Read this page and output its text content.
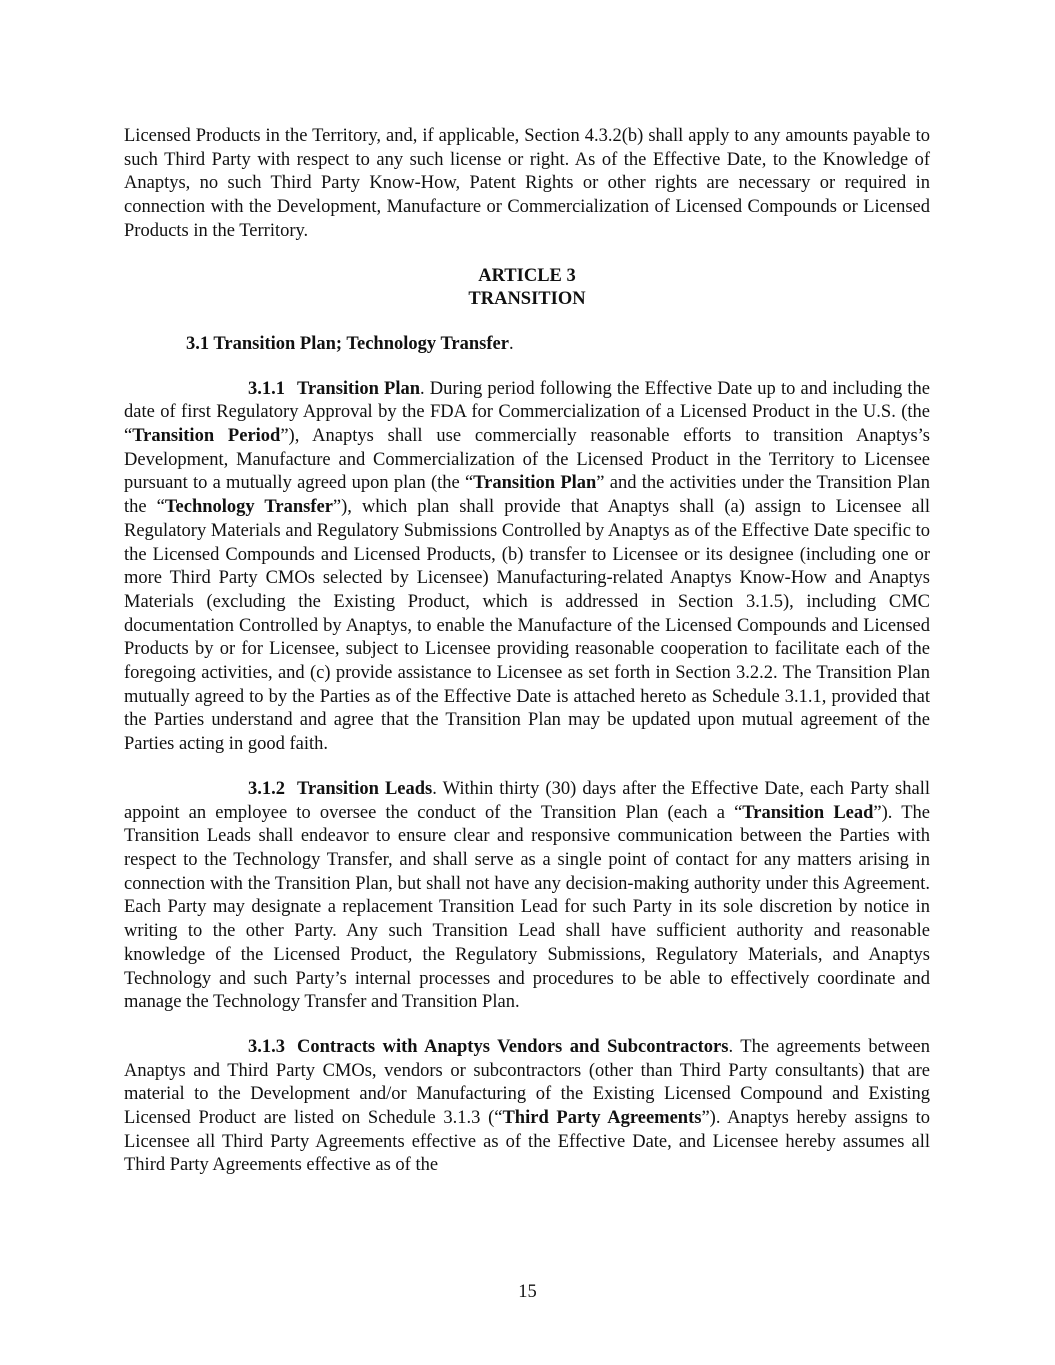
Licensed Products in the Territory, and, if applicable, Section 4.3.2(b) shall apply to any amounts payable to such Third Party with respect to any such license or right. As of the Effective Date, to the Knowledge of Anaptys, no such Third Party Know-How, Patent Rights or other rights are necessary or required in connection with the Development, Manufacture or Commercialization of Licensed Compounds or Licensed Products in the Territory.

ARTICLE 3
TRANSITION

3.1 Transition Plan; Technology Transfer.

3.1.1 Transition Plan. During period following the Effective Date up to and including the date of first Regulatory Approval by the FDA for Commercialization of a Licensed Product in the U.S. (the “Transition Period”), Anaptys shall use commercially reasonable efforts to transition Anaptys’s Development, Manufacture and Commercialization of the Licensed Product in the Territory to Licensee pursuant to a mutually agreed upon plan (the “Transition Plan” and the activities under the Transition Plan the “Technology Transfer”), which plan shall provide that Anaptys shall (a) assign to Licensee all Regulatory Materials and Regulatory Submissions Controlled by Anaptys as of the Effective Date specific to the Licensed Compounds and Licensed Products, (b) transfer to Licensee or its designee (including one or more Third Party CMOs selected by Licensee) Manufacturing-related Anaptys Know-How and Anaptys Materials (excluding the Existing Product, which is addressed in Section 3.1.5), including CMC documentation Controlled by Anaptys, to enable the Manufacture of the Licensed Compounds and Licensed Products by or for Licensee, subject to Licensee providing reasonable cooperation to facilitate each of the foregoing activities, and (c) provide assistance to Licensee as set forth in Section 3.2.2. The Transition Plan mutually agreed to by the Parties as of the Effective Date is attached hereto as Schedule 3.1.1, provided that the Parties understand and agree that the Transition Plan may be updated upon mutual agreement of the Parties acting in good faith.

3.1.2 Transition Leads. Within thirty (30) days after the Effective Date, each Party shall appoint an employee to oversee the conduct of the Transition Plan (each a “Transition Lead”). The Transition Leads shall endeavor to ensure clear and responsive communication between the Parties with respect to the Technology Transfer, and shall serve as a single point of contact for any matters arising in connection with the Transition Plan, but shall not have any decision-making authority under this Agreement. Each Party may designate a replacement Transition Lead for such Party in its sole discretion by notice in writing to the other Party. Any such Transition Lead shall have sufficient authority and reasonable knowledge of the Licensed Product, the Regulatory Submissions, Regulatory Materials, and Anaptys Technology and such Party’s internal processes and procedures to be able to effectively coordinate and manage the Technology Transfer and Transition Plan.

3.1.3 Contracts with Anaptys Vendors and Subcontractors. The agreements between Anaptys and Third Party CMOs, vendors or subcontractors (other than Third Party consultants) that are material to the Development and/or Manufacturing of the Existing Licensed Compound and Existing Licensed Product are listed on Schedule 3.1.3 (“Third Party Agreements”). Anaptys hereby assigns to Licensee all Third Party Agreements effective as of the Effective Date, and Licensee hereby assumes all Third Party Agreements effective as of the

15
